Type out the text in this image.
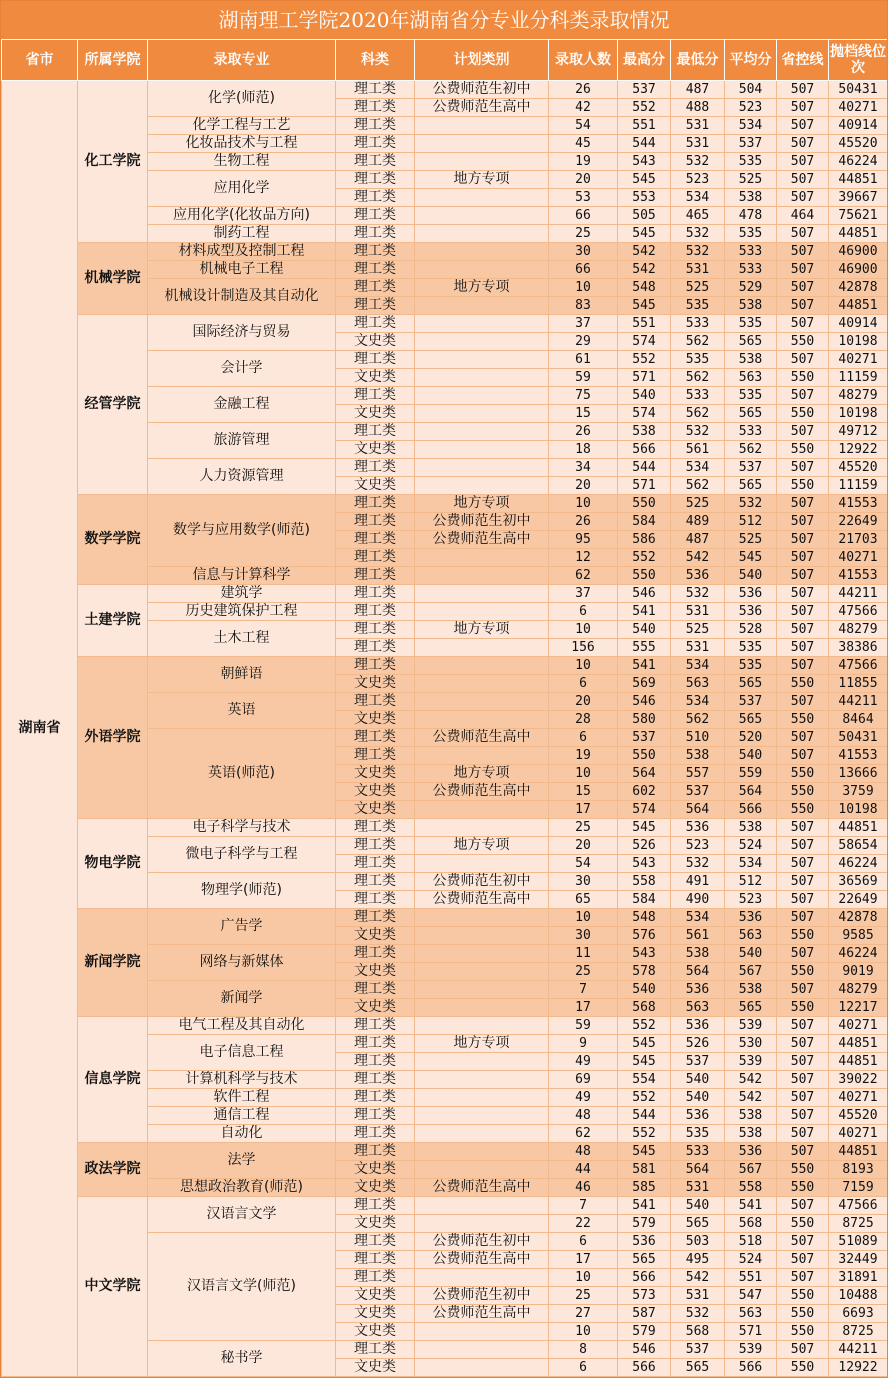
湖南理工学院2020年湖南省分专业分科类录取情况
省市	所属学院	录取专业	科类	计划类别	录取人数	最高分	最低分	平均分	省控线	抛档线位次
湖南省	化工学院	化学(师范)	理工类	公费师范生初中	26	537	487	504	507	50431
			理工类	公费师范生高中	42	552	488	523	507	40271
		化学工程与工艺	理工类		54	551	531	534	507	40914
		化妆品技术与工程	理工类		45	544	531	537	507	45520
		生物工程	理工类		19	543	532	535	507	46224
		应用化学	理工类	地方专项	20	545	523	525	507	44851
			理工类		53	553	534	538	507	39667
		应用化学(化妆品方向)	理工类		66	505	465	478	464	75621
		制药工程	理工类		25	545	532	535	507	44851
	机械学院	材料成型及控制工程	理工类		30	542	532	533	507	46900
		机械电子工程	理工类		66	542	531	533	507	46900
		机械设计制造及其自动化	理工类	地方专项	10	548	525	529	507	42878
			理工类		83	545	535	538	507	44851
	经管学院	国际经济与贸易	理工类		37	551	533	535	507	40914
			文史类		29	574	562	565	550	10198
		会计学	理工类		61	552	535	538	507	40271
			文史类		59	571	562	563	550	11159
		金融工程	理工类		75	540	533	535	507	48279
			文史类		15	574	562	565	550	10198
		旅游管理	理工类		26	538	532	533	507	49712
			文史类		18	566	561	562	550	12922
		人力资源管理	理工类		34	544	534	537	507	45520
			文史类		20	571	562	565	550	11159
	数学学院	数学与应用数学(师范)	理工类	地方专项	10	550	525	532	507	41553
			理工类	公费师范生初中	26	584	489	512	507	22649
			理工类	公费师范生高中	95	586	487	525	507	21703
			理工类		12	552	542	545	507	40271
		信息与计算科学	理工类		62	550	536	540	507	41553
	土建学院	建筑学	理工类		37	546	532	536	507	44211
		历史建筑保护工程	理工类		6	541	531	536	507	47566
		土木工程	理工类	地方专项	10	540	525	528	507	48279
			理工类		156	555	531	535	507	38386
	外语学院	朝鲜语	理工类		10	541	534	535	507	47566
			文史类		6	569	563	565	550	11855
		英语	理工类		20	546	534	537	507	44211
			文史类		28	580	562	565	550	8464
		英语(师范)	理工类	公费师范生高中	6	537	510	520	507	50431
			理工类		19	550	538	540	507	41553
			文史类	地方专项	10	564	557	559	550	13666
			文史类	公费师范生高中	15	602	537	564	550	3759
			文史类		17	574	564	566	550	10198
	物电学院	电子科学与技术	理工类		25	545	536	538	507	44851
		微电子科学与工程	理工类	地方专项	20	526	523	524	507	58654
			理工类		54	543	532	534	507	46224
		物理学(师范)	理工类	公费师范生初中	30	558	491	512	507	36569
			理工类	公费师范生高中	65	584	490	523	507	22649
	新闻学院	广告学	理工类		10	548	534	536	507	42878
			文史类		30	576	561	563	550	9585
		网络与新媒体	理工类		11	543	538	540	507	46224
			文史类		25	578	564	567	550	9019
		新闻学	理工类		7	540	536	538	507	48279
			文史类		17	568	563	565	550	12217
	信息学院	电气工程及其自动化	理工类		59	552	536	539	507	40271
		电子信息工程	理工类	地方专项	9	545	526	530	507	44851
			理工类		49	545	537	539	507	44851
		计算机科学与技术	理工类		69	554	540	542	507	39022
		软件工程	理工类		49	552	540	542	507	40271
		通信工程	理工类		48	544	536	538	507	45520
		自动化	理工类		62	552	535	538	507	40271
	政法学院	法学	理工类		48	545	533	536	507	44851
			文史类		44	581	564	567	550	8193
		思想政治教育(师范)	文史类	公费师范生高中	46	585	531	558	550	7159
	中文学院	汉语言文学	理工类		7	541	540	541	507	47566
			文史类		22	579	565	568	550	8725
		汉语言文学(师范)	理工类	公费师范生初中	6	536	503	518	507	51089
			理工类	公费师范生高中	17	565	495	524	507	32449
			理工类		10	566	542	551	507	31891
			文史类	公费师范生初中	25	573	531	547	550	10488
			文史类	公费师范生高中	27	587	532	563	550	6693
			文史类		10	579	568	571	550	8725
		秘书学	理工类		8	546	537	539	507	44211
			文史类		6	566	565	566	550	12922
